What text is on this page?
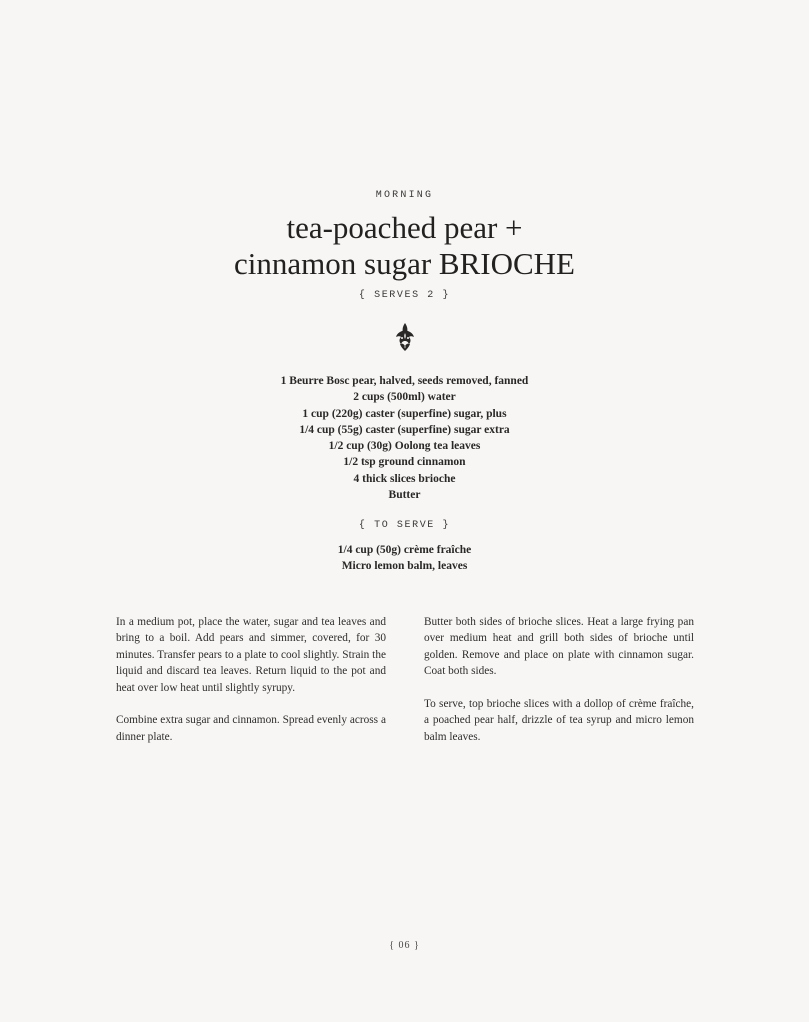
MORNING
tea-poached pear +
cinnamon sugar BRIOCHE
{ SERVES 2 }
1 Beurre Bosc pear, halved, seeds removed, fanned
2 cups (500ml) water
1 cup (220g) caster (superfine) sugar, plus
1/4 cup (55g) caster (superfine) sugar extra
1/2 cup (30g) Oolong tea leaves
1/2 tsp ground cinnamon
4 thick slices brioche
Butter
{ TO SERVE }
1/4 cup (50g) crème fraîche
Micro lemon balm, leaves

In a medium pot, place the water, sugar and tea leaves and bring to a boil. Add pears and simmer, covered, for 30 minutes. Transfer pears to a plate to cool slightly. Strain the liquid and discard tea leaves. Return liquid to the pot and heat over low heat until slightly syrupy.

Combine extra sugar and cinnamon. Spread evenly across a dinner plate.

Butter both sides of brioche slices. Heat a large frying pan over medium heat and grill both sides of brioche until golden. Remove and place on plate with cinnamon sugar. Coat both sides.

To serve, top brioche slices with a dollop of crème fraîche, a poached pear half, drizzle of tea syrup and micro lemon balm leaves.

{ 06 }
